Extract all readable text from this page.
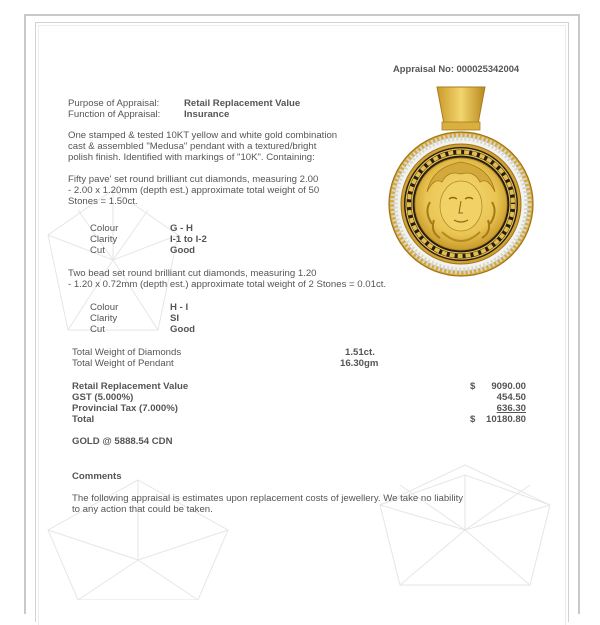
Appraisal No: 000025342004
Purpose of Appraisal:	Retail Replacement Value
Function of Appraisal: Insurance
One stamped & tested 10KT yellow and white gold combination
cast & assembled "Medusa" pendant with a textured/bright
polish finish. Identified with markings of "10K". Containing:
Fifty pave' set round brilliant cut diamonds, measuring 2.00
- 2.00 x 1.20mm (depth est.) approximate total weight of 50
Stones = 1.50ct.
Colour	G - H
Clarity	I-1 to I-2
Cut	Good
Two bead set round brilliant cut diamonds, measuring 1.20
- 1.20 x 0.72mm (depth est.) approximate total weight of 2 Stones = 0.01ct.
Colour	H - I
Clarity	SI
Cut	Good
Total Weight of Diamonds	1.51ct.
Total Weight of Pendant	16.30gm
Retail Replacement Value	$	9090.00
GST (5.000%)	454.50
Provincial Tax (7.000%)	636.30
Total	$	10180.80
GOLD @ 5888.54 CDN
Comments
The following appraisal is estimates upon replacement costs of jewellery. We take no liability
to any action that could be taken.
